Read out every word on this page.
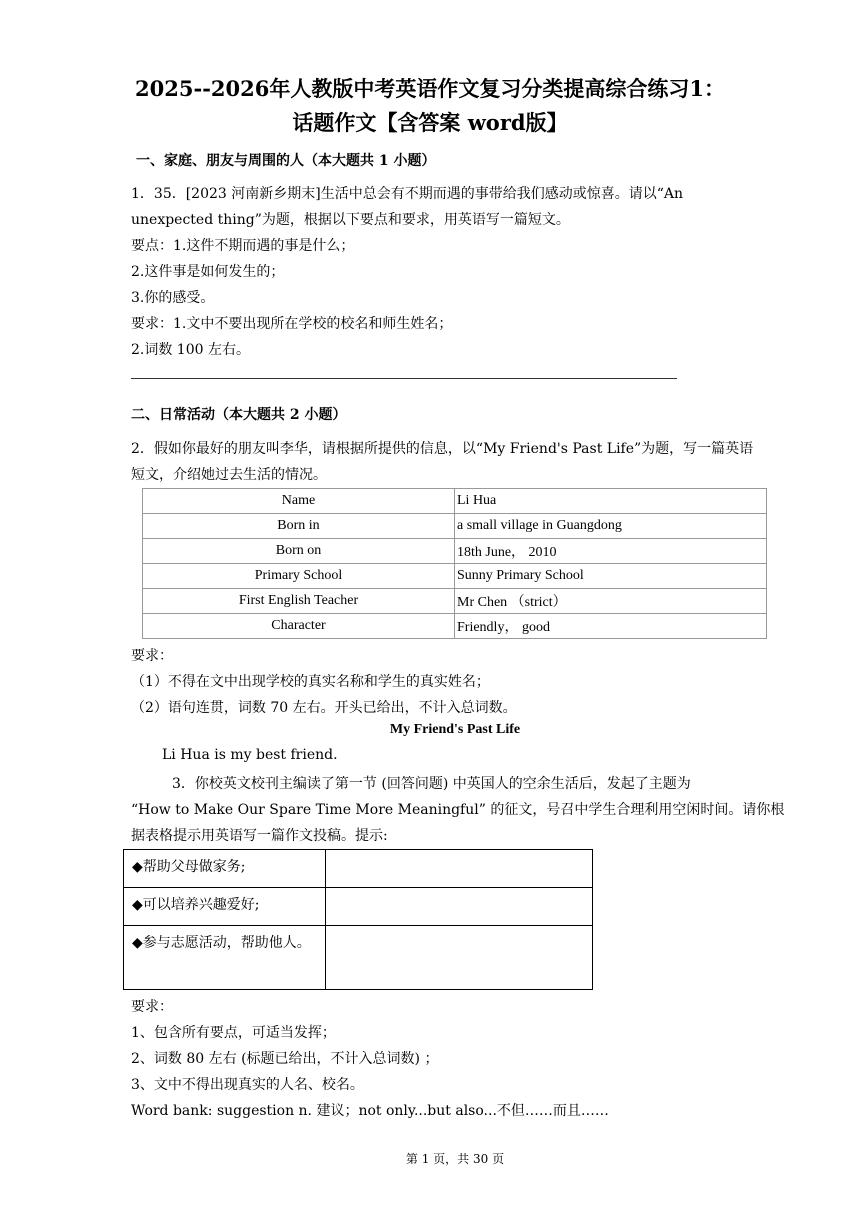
2025--2026年人教版中考英语作文复习分类提高综合练习1：
话题作文【含答案 word版】
一、家庭、朋友与周围的人（本大题共 1 小题）
1．35．[2023 河南新乡期末]生活中总会有不期而遇的事带给我们感动或惊喜。请以“An
unexpected thing”为题，根据以下要点和要求，用英语写一篇短文。
要点：1.这件不期而遇的事是什么；
2.这件事是如何发生的；
3.你的感受。
要求：1.文中不要出现所在学校的校名和师生姓名；
2.词数 100 左右。
二、日常活动（本大题共 2 小题）
2．假如你最好的朋友叫李华，请根据所提供的信息，以“My Friend's Past Life”为题，写一篇英语
短文，介绍她过去生活的情况。
Name	Li Hua
Born in	a small village in Guangdong
Born on	18th June， 2010
Primary School	Sunny Primary School
First English Teacher	Mr Chen （strict）
Character	Friendly， good
要求：
（1）不得在文中出现学校的真实名称和学生的真实姓名；
（2）语句连贯，词数 70 左右。开头已给出，不计入总词数。
My Friend's Past Life
Li Hua is my best friend.
3．你校英文校刊主编读了第一节 (回答问题) 中英国人的空余生活后，发起了主题为
“How to Make Our Spare Time More Meaningful” 的征文，号召中学生合理利用空闲时间。请你根
据表格提示用英语写一篇作文投稿。提示:
◆帮助父母做家务;	
◆可以培养兴趣爱好;	
◆参与志愿活动，帮助他人。	
要求：
1、包含所有要点，可适当发挥；
2、词数 80 左右 (标题已给出，不计入总词数) ；
3、文中不得出现真实的人名、校名。
Word bank: suggestion n. 建议；not only...but also...不但……而且……
第 1 页，共 30 页
